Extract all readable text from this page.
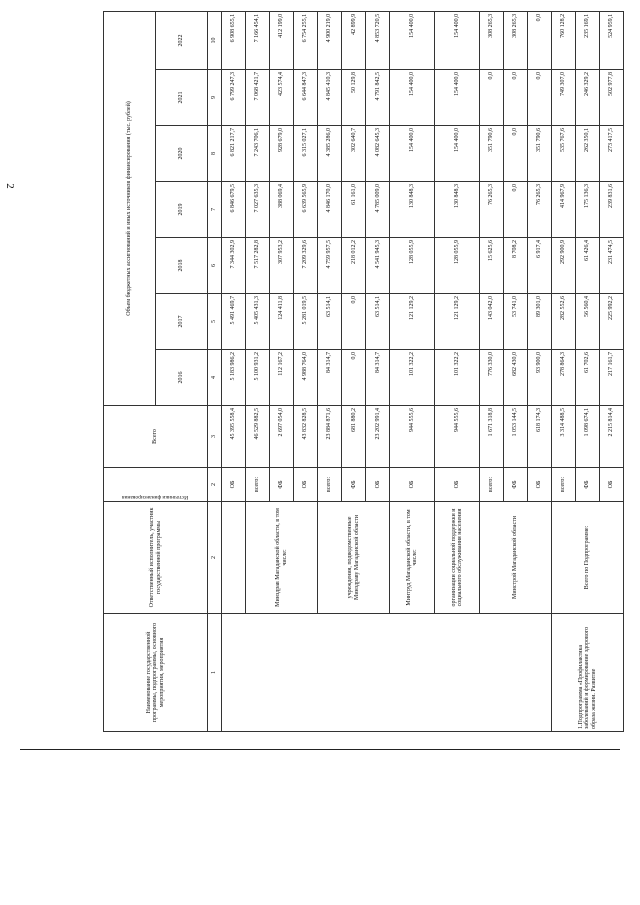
2
Наименование государственной программы, подпрограммы, основного мероприятия, мероприятия	Ответственный исполнитель, участник государственной программы	Источники финансирования	Всего	Объем бюджетных ассигнований и иных источников финансирования (тыс. рублей)						
				2016	2017	2018	2019	2020	2021	2022
1	2	2	3	4	5	6	7	8	9	10
		ОБ	45 395 558,4	5 183 986,2	5 491 469,7	7 344 302,9	6 846 679,5	6 821 217,7	6 799 247,3	6 908 655,1
	Минздрав Магаданской области, в том числе:	всего:	46 529 882,5	5 100 931,2	5 405 431,3	7 517 282,8	7 027 635,3	7 243 706,1	7 068 421,7	7 166 454,1
		ФБ	2 697 054,0	112 167,2	124 411,8	307 953,2	388 069,4	928 679,0	423 574,4	412 199,0
		ОБ	43 832 828,5	4 988 764,0	5 281 019,5	7 209 329,6	6 639 565,9	6 315 027,1	6 644 847,3	6 754 255,1
	учреждения, подведомственные Минздраву Магаданской области	всего:	23 884 871,6	84 314,7	63 514,1	4 759 957,5	4 846 170,0	4 385 286,0	4 845 410,3	4 900 219,0
		ФБ	681 880,2	0,0	0,0	218 012,2	61 161,0	302 640,7	50 129,8	42 899,9
		ОБ	23 202 991,4	84 314,7	63 514,1	4 541 945,3	4 785 009,0	4 082 645,3	4 791 842,5	4 853 720,5
	Минтруд Магаданской области, в том числе:	ОБ	944 555,6	101 322,2	121 129,2	128 055,9	130 848,3	154 400,0	154 400,0	154 400,0
	организации социальной поддержки и социального обслуживания населения	ОБ	944 555,6	101 322,2	121 129,2	128 055,9	130 848,3	154 400,0	154 400,0	154 400,0
	Минстрой Магаданской области	всего:	1 671 318,8	776 330,0	143 042,0	15 625,6	76 265,3	351 790,6	0,0	308 265,3
		ФБ	1 053 144,5	682 430,0	53 741,0	8 708,2	0,0	0,0	0,0	308 265,3
		ОБ	618 174,3	93 900,0	89 301,0	6 917,4	76 265,3	351 790,6	0,0	0,0
1.Подпрограмма «Профилактика заболеваний и формирование здорового образа жизни. Развитие	Всего по Подпрограмме:	всего:	3 314 488,5	278 864,3	282 552,6	292 900,9	414 967,9	535 767,6	749 307,0	760 128,2
		ФБ	1 098 674,1	61 702,6	56 560,4	61 426,4	175 136,3	262 350,1	246 329,2	235 169,1
		ОБ	2 215 814,4	217 161,7	225 992,2	231 474,5	239 831,6	273 417,5	502 977,8	524 959,1
